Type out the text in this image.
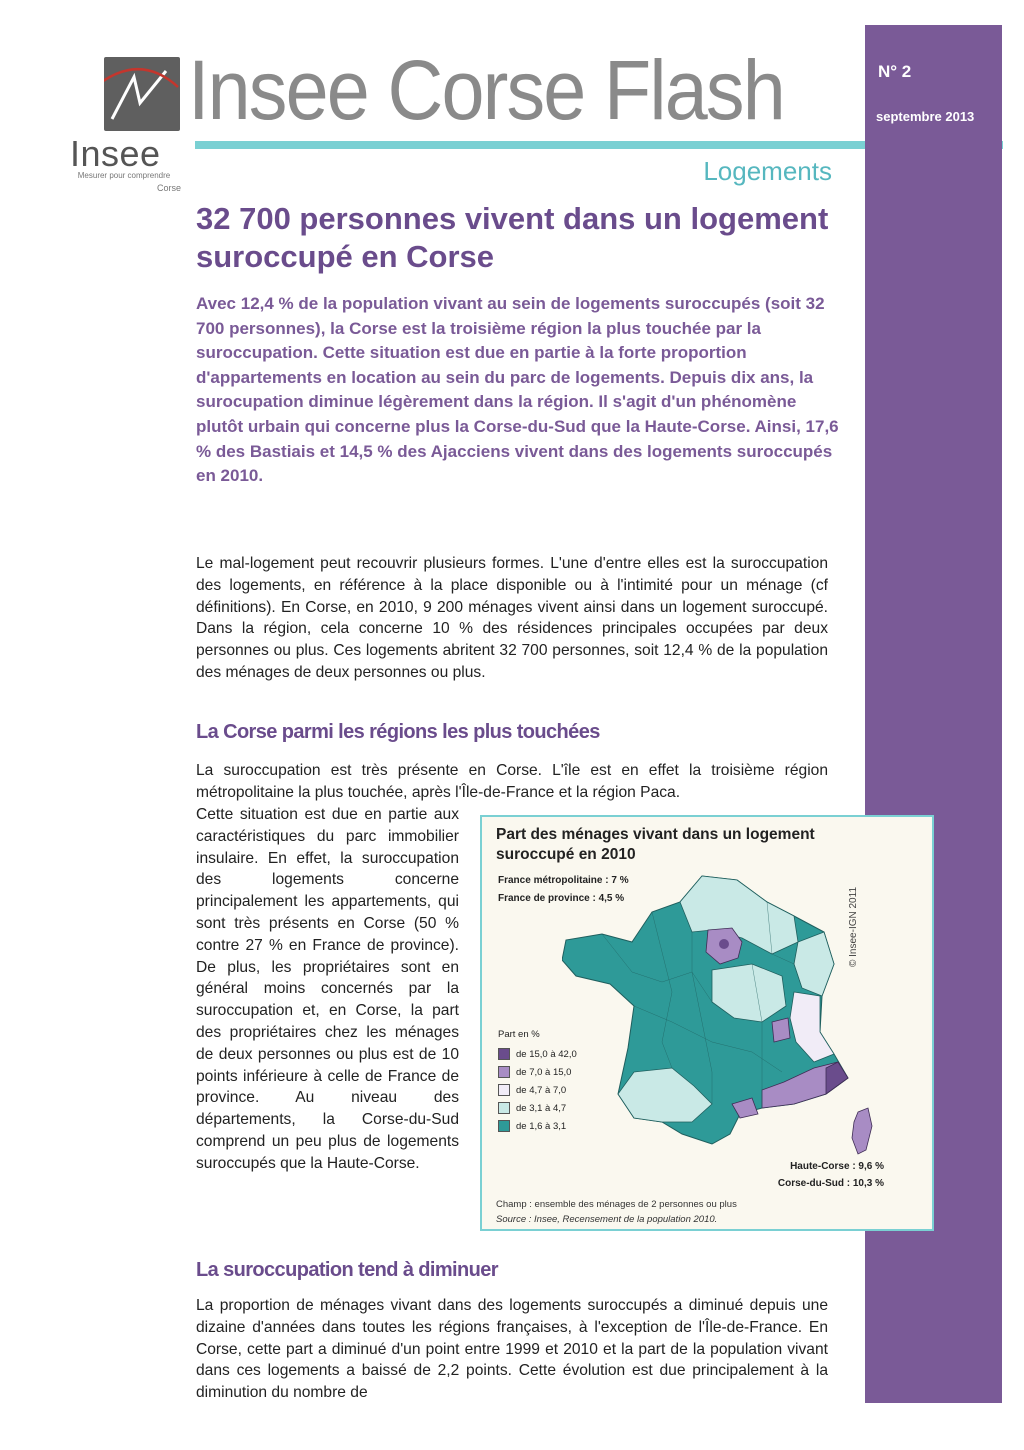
Insee
Mesurer pour comprendre
Corse
Insee Corse Flash
Logements
N° 2
septembre 2013
32 700 personnes vivent dans un logement suroccupé en Corse
Avec 12,4 % de la population vivant au sein de logements suroccupés (soit 32 700 personnes), la Corse est la troisième région la plus touchée par la suroccupation. Cette situation est due en partie à la forte proportion d'appartements en location au sein du parc de logements. Depuis dix ans, la surocupation diminue légèrement dans la région. Il s'agit d'un phénomène plutôt urbain qui concerne plus la Corse-du-Sud que la Haute-Corse. Ainsi, 17,6 % des Bastiais et 14,5 % des Ajacciens vivent dans des logements suroccupés en 2010.
Le mal-logement peut recouvrir plusieurs formes. L'une d'entre elles est la suroccupation des logements, en référence à la place disponible ou à l'intimité pour un ménage (cf définitions). En Corse, en 2010, 9 200 ménages vivent ainsi dans un logement suroccupé. Dans la région, cela concerne 10 % des résidences principales occupées par deux personnes ou plus. Ces logements abritent 32 700 personnes, soit 12,4 % de la population des ménages de deux personnes ou plus.
La Corse parmi les régions les plus touchées
La suroccupation est très présente en Corse. L'île est en effet la troisième région métropolitaine la plus touchée, après l'Île-de-France et la région Paca.
Cette situation est due en partie aux caractéristiques du parc immobilier insulaire. En effet, la suroccupation des logements concerne principalement les appartements, qui sont très présents en Corse (50 % contre 27 % en France de province). De plus, les propriétaires sont en général moins concernés par la suroccupation et, en Corse, la part des propriétaires chez les ménages de deux personnes ou plus est de 10 points inférieure à celle de France de province. Au niveau des départements, la Corse-du-Sud comprend un peu plus de logements suroccupés que la Haute-Corse.
La suroccupation tend à diminuer
La proportion de ménages vivant dans des logements suroccupés a diminué depuis une dizaine d'années dans toutes les régions françaises, à l'exception de l'Île-de-France. En Corse, cette part a diminué d'un point entre 1999 et 2010 et la part de la population vivant dans ces logements a baissé de 2,2 points. Cette évolution est due principalement à la diminution du nombre de
Part des ménages vivant dans un logement suroccupé en 2010
France métropolitaine : 7 %
France de province : 4,5 %	© Insee-IGN 2011
Part en %
de 15,0 à 42,0
de 7,0 à 15,0
de 4,7 à 7,0
de 3,1 à 4,7
de 1,6 à 3,1
Haute-Corse : 9,6 %
Corse-du-Sud : 10,3 %
Champ : ensemble des ménages de 2 personnes ou plus
Source : Insee, Recensement de la population 2010.
